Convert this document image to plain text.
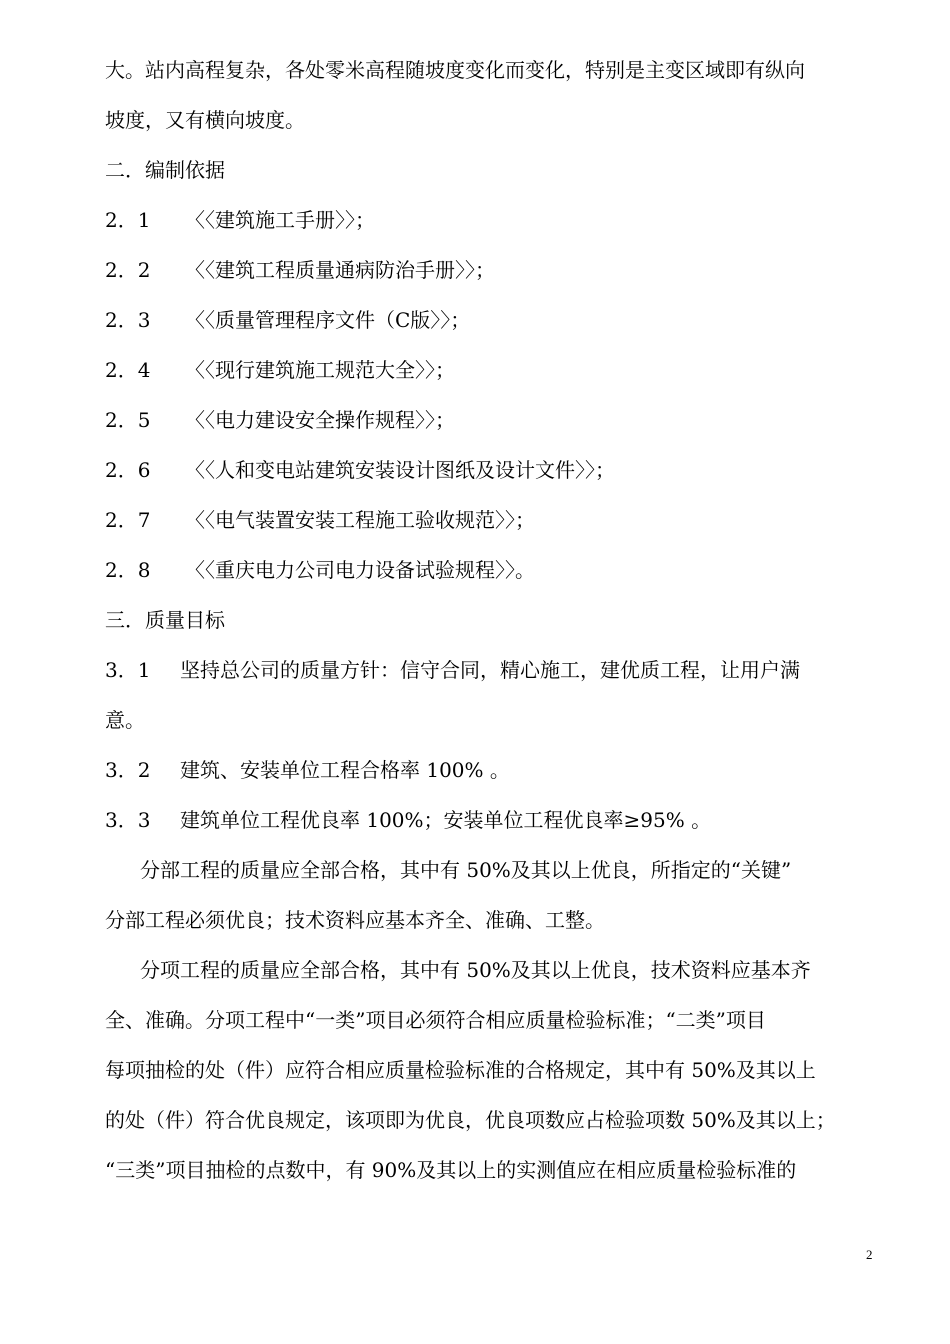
大。站内高程复杂，各处零米高程随坡度变化而变化，特别是主变区域即有纵向
坡度，又有横向坡度。
二．编制依据
2．1 〈〈建筑施工手册〉〉；
2．2 〈〈建筑工程质量通病防治手册〉〉；
2．3 〈〈质量管理程序文件（C版〉〉；
2．4 〈〈现行建筑施工规范大全〉〉；
2．5 〈〈电力建设安全操作规程〉〉；
2．6 〈〈人和变电站建筑安装设计图纸及设计文件〉〉；
2．7 〈〈电气装置安装工程施工验收规范〉〉；
2．8 〈〈重庆电力公司电力设备试验规程〉〉。
三．质量目标
3．1 坚持总公司的质量方针：信守合同，精心施工，建优质工程，让用户满
意。
3．2 建筑、安装单位工程合格率 100% 。
3．3 建筑单位工程优良率 100%；安装单位工程优良率≥95% 。
分部工程的质量应全部合格，其中有 50%及其以上优良，所指定的“关键”
分部工程必须优良；技术资料应基本齐全、准确、工整。
分项工程的质量应全部合格，其中有 50%及其以上优良，技术资料应基本齐
全、准确。分项工程中“一类”项目必须符合相应质量检验标准；“二类”项目
每项抽检的处（件）应符合相应质量检验标准的合格规定，其中有 50%及其以上
的处（件）符合优良规定，该项即为优良，优良项数应占检验项数 50%及其以上；
“三类”项目抽检的点数中，有 90%及其以上的实测值应在相应质量检验标准的
2
